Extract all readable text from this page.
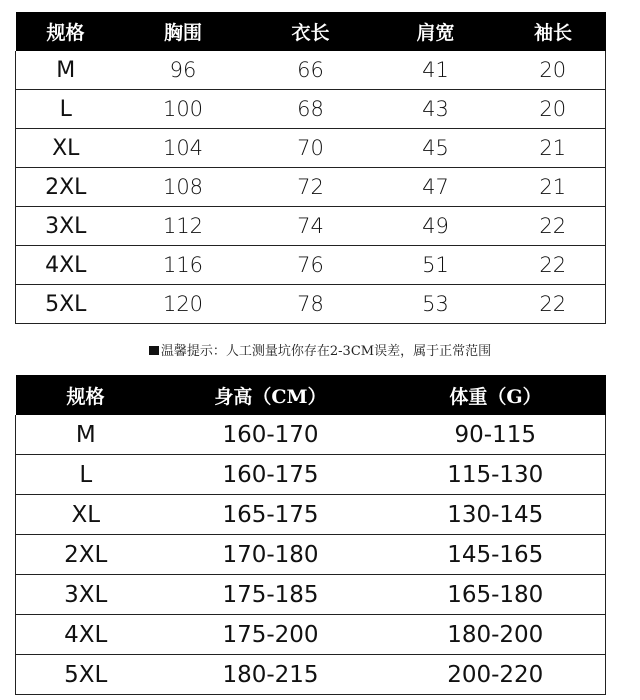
规格	胸围	衣长	肩宽	袖长
M	96	66	41	20
L	100	68	43	20
XL	104	70	45	21
2XL	108	72	47	21
3XL	112	74	49	22
4XL	116	76	51	22
5XL	120	78	53	22
温馨提示：人工测量坑你存在2-3CM误差，属于正常范围
规格	身高（CM）	体重（G）
M	160-170	90-115
L	160-175	115-130
XL	165-175	130-145
2XL	170-180	145-165
3XL	175-185	165-180
4XL	175-200	180-200
5XL	180-215	200-220
